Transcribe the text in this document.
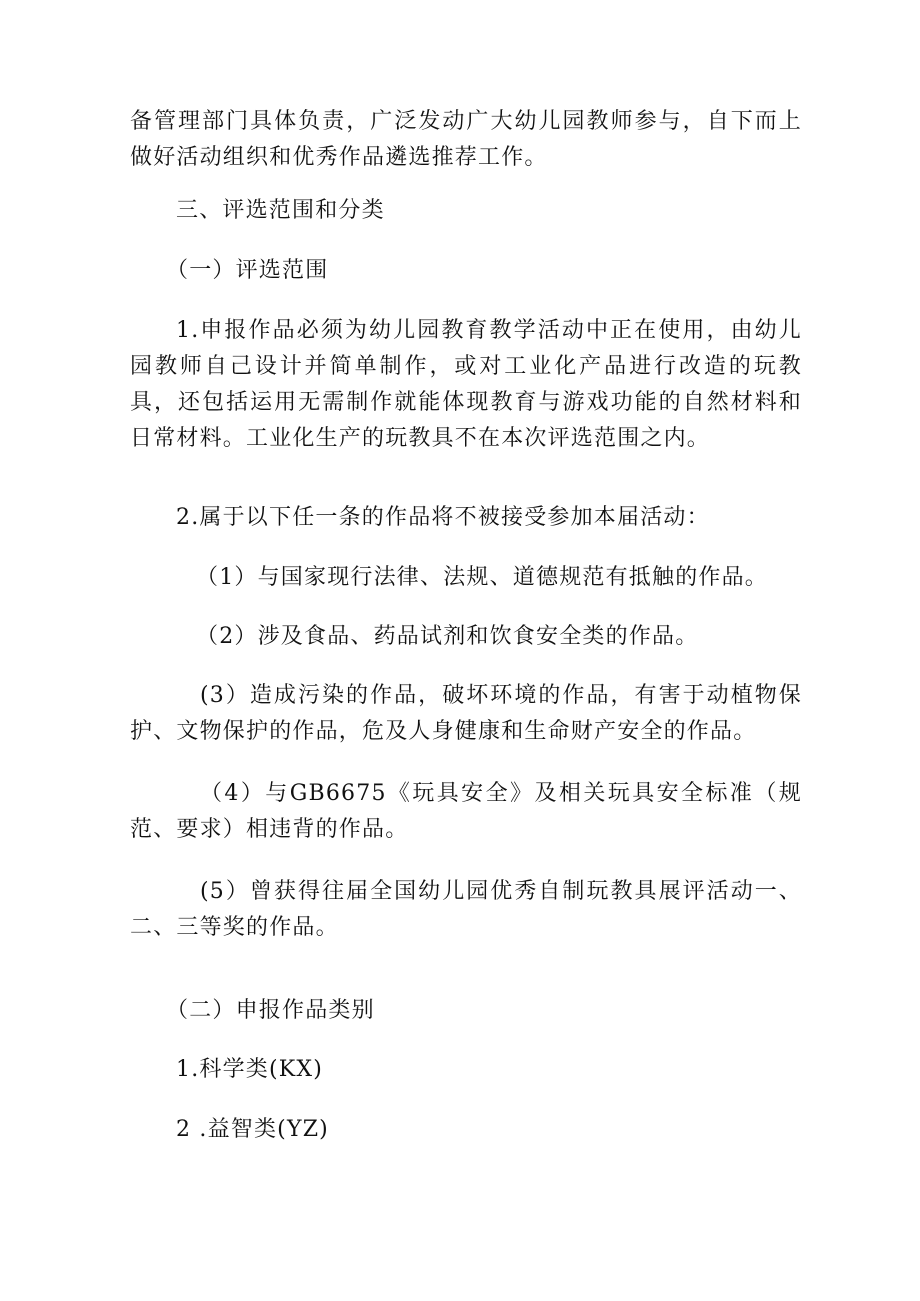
备管理部门具体负责，广泛发动广大幼儿园教师参与，自下而上做好活动组织和优秀作品遴选推荐工作。

三、评选范围和分类

（一）评选范围

1.申报作品必须为幼儿园教育教学活动中正在使用，由幼儿园教师自己设计并简单制作，或对工业化产品进行改造的玩教具，还包括运用无需制作就能体现教育与游戏功能的自然材料和日常材料。工业化生产的玩教具不在本次评选范围之内。

2.属于以下任一条的作品将不被接受参加本届活动：

（1）与国家现行法律、法规、道德规范有抵触的作品。

（2）涉及食品、药品试剂和饮食安全类的作品。

(3）造成污染的作品，破坏环境的作品，有害于动植物保护、文物保护的作品，危及人身健康和生命财产安全的作品。

（4）与GB6675《玩具安全》及相关玩具安全标准（规范、要求）相违背的作品。

(5）曾获得往届全国幼儿园优秀自制玩教具展评活动一、二、三等奖的作品。

（二）申报作品类别

1.科学类(KX)

2 .益智类(YZ)
